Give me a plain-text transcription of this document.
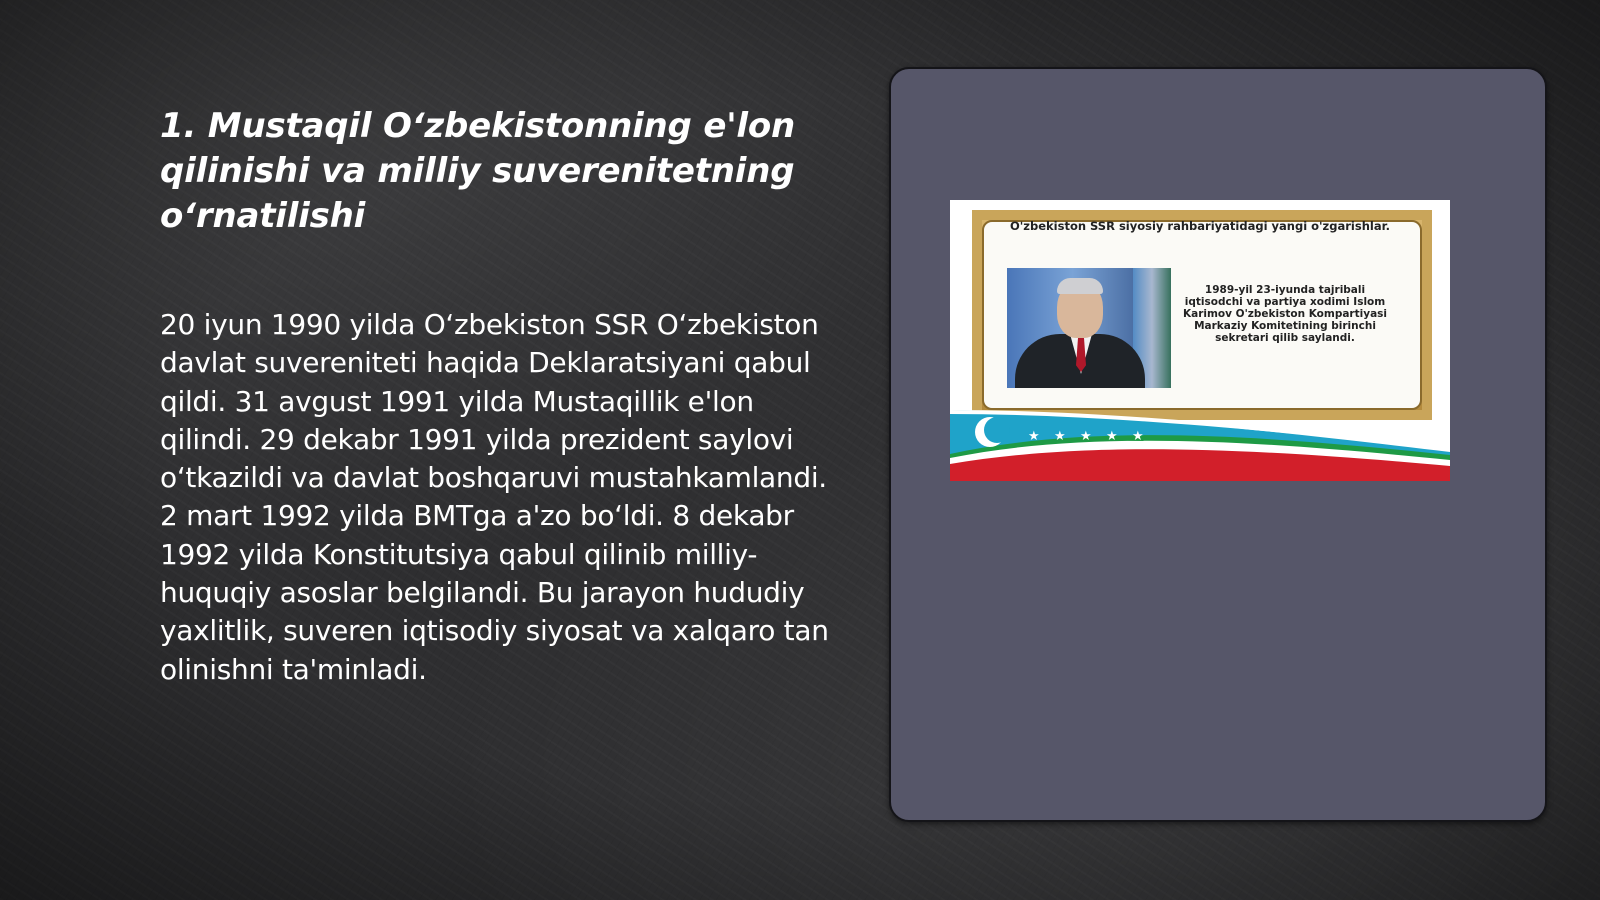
1. Mustaqil O‘zbekistonning e'lon qilinishi va milliy suverenitetning o‘rnatilishi

20 iyun 1990 yilda O‘zbekiston SSR O‘zbekiston davlat suvereniteti haqida Deklaratsiyani qabul qildi. 31 avgust 1991 yilda Mustaqillik e'lon qilindi. 29 dekabr 1991 yilda prezident saylovi o‘tkazildi va davlat boshqaruvi mustahkamlandi. 2 mart 1992 yilda BMTga a'zo bo‘ldi. 8 dekabr 1992 yilda Konstitutsiya qabul qilinib milliy-huquqiy asoslar belgilandi. Bu jarayon hududiy yaxlitlik, suveren iqtisodiy siyosat va xalqaro tan olinishni ta'minladi.

O'zbekiston SSR siyosiy rahbariyatidagi yangi o'zgarishlar.
1989-yil 23-iyunda tajribali iqtisodchi va partiya xodimi Islom Karimov O'zbekiston Kompartiyasi Markaziy Komitetining birinchi sekretari qilib saylandi.
★ ★ ★ ★ ★
